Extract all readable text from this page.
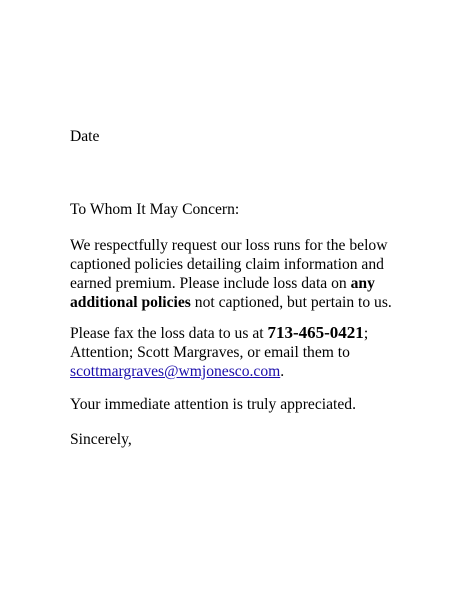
Date

To Whom It May Concern:

We respectfully request our loss runs for the below
captioned policies detailing claim information and
earned premium. Please include loss data on any
additional policies not captioned, but pertain to us.

Please fax the loss data to us at 713-465-0421;
Attention; Scott Margraves, or email them to
scottmargraves@wmjonesco.com.

Your immediate attention is truly appreciated.

Sincerely,
